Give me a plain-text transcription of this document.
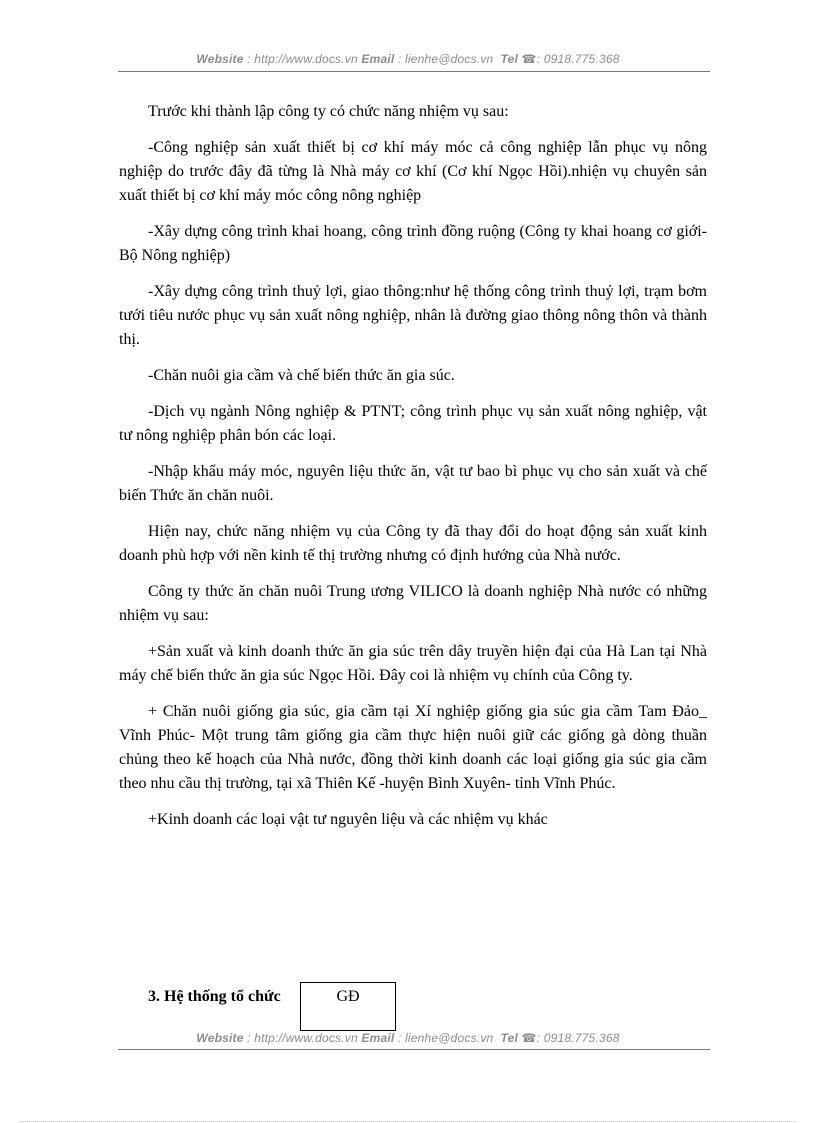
Website : http://www.docs.vn Email : lienhe@docs.vn Tel ☎: 0918.775.368

Trước khi thành lập công ty có chức năng nhiệm vụ sau:

-Công nghiệp sản xuất thiết bị cơ khí máy móc cả công nghiệp lẫn phục vụ nông nghiệp do trước đây đã từng là Nhà máy cơ khí (Cơ khí Ngọc Hồi).nhiện vụ chuyên sản xuất thiết bị cơ khí máy móc công nông nghiệp

-Xây dựng công trình khai hoang, công trình đồng ruộng (Công ty khai hoang cơ giới-Bộ Nông nghiệp)

-Xây dựng công trình thuỷ lợi, giao thông:như hệ thống công trình thuỷ lợi, trạm bơm tưới tiêu nước phục vụ sản xuất nông nghiệp, nhân là đường giao thông nông thôn và thành thị.

-Chăn nuôi gia cầm và chế biến thức ăn gia súc.

-Dịch vụ ngành Nông nghiệp & PTNT; công trình phục vụ sản xuất nông nghiệp, vật tư nông nghiệp phân bón các loại.

-Nhập khẩu máy móc, nguyên liệu thức ăn, vật tư bao bì phục vụ cho sản xuất và chế biến Thức ăn chăn nuôi.

Hiện nay, chức năng nhiệm vụ của Công ty đã thay đổi do hoạt động sản xuất kinh doanh phù hợp với nền kinh tế thị trường nhưng có định hướng của Nhà nước.

Công ty thức ăn chăn nuôi Trung ương VILICO là doanh nghiệp Nhà nước có những nhiệm vụ sau:

+Sản xuất và kinh doanh thức ăn gia súc trên dây truyền hiện đại của Hà Lan tại Nhà máy chế biến thức ăn gia súc Ngọc Hồi. Đây coi là nhiệm vụ chính của Công ty.

+ Chăn nuôi giống gia súc, gia cầm tại Xí nghiệp giống gia súc gia cầm Tam Đảo_ Vĩnh Phúc- Một trung tâm giống gia cầm thực hiện nuôi giữ các giống gà dòng thuần chủng theo kế hoạch của Nhà nước, đồng thời kinh doanh các loại giống gia súc gia cầm theo nhu cầu thị trường, tại xã Thiên Kế -huyện Bình Xuyên- tỉnh Vĩnh Phúc.

+Kinh doanh các loại vật tư nguyên liệu và các nhiệm vụ khác

3. Hệ thống tổ chức	GĐ
Website : http://www.docs.vn Email : lienhe@docs.vn Tel ☎: 0918.775.368
